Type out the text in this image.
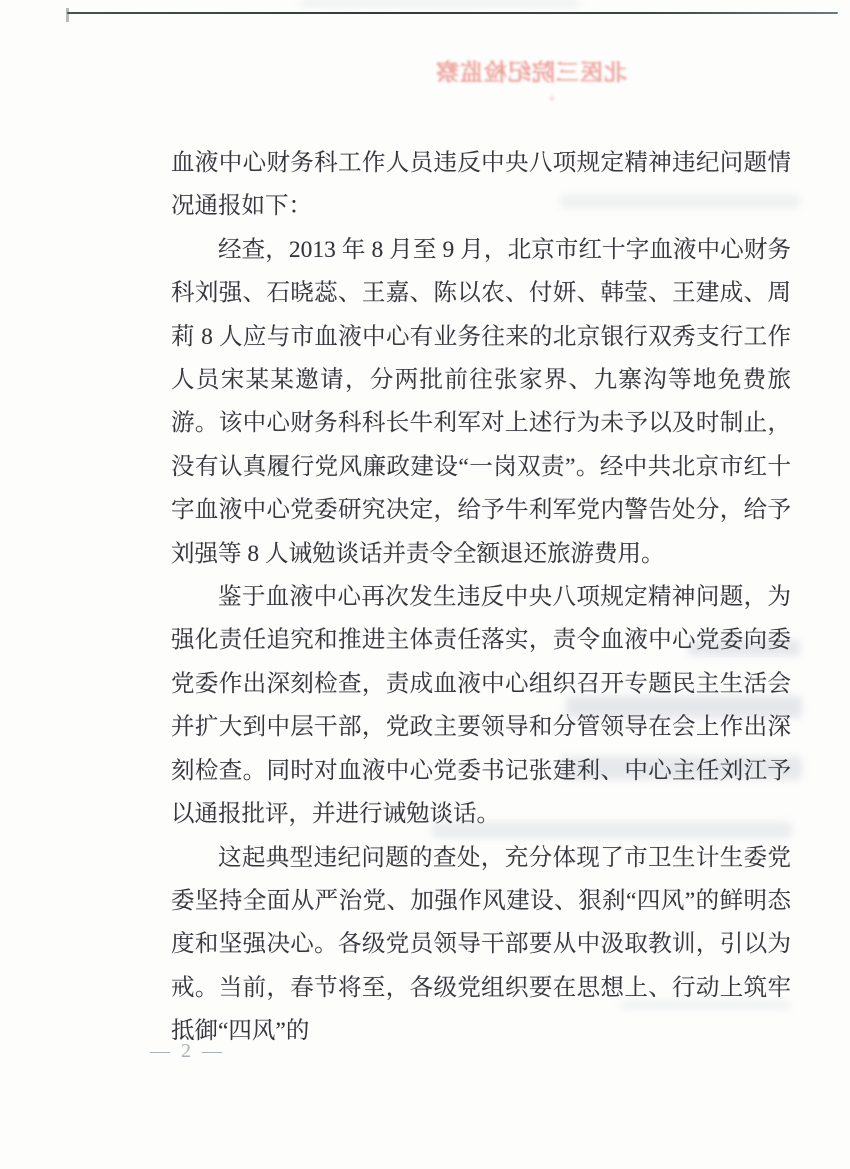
北医三院纪检监察
+

血液中心财务科工作人员违反中央八项规定精神违纪问题情况通报如下：

经查，2013 年 8 月至 9 月，北京市红十字血液中心财务科刘强、石晓蕊、王嘉、陈以农、付妍、韩莹、王建成、周莉 8 人应与市血液中心有业务往来的北京银行双秀支行工作人员宋某某邀请，分两批前往张家界、九寨沟等地免费旅游。该中心财务科科长牛利军对上述行为未予以及时制止，没有认真履行党风廉政建设“一岗双责”。经中共北京市红十字血液中心党委研究决定，给予牛利军党内警告处分，给予刘强等 8 人诫勉谈话并责令全额退还旅游费用。

鉴于血液中心再次发生违反中央八项规定精神问题，为强化责任追究和推进主体责任落实，责令血液中心党委向委党委作出深刻检查，责成血液中心组织召开专题民主生活会并扩大到中层干部，党政主要领导和分管领导在会上作出深刻检查。同时对血液中心党委书记张建利、中心主任刘江予以通报批评，并进行诫勉谈话。

这起典型违纪问题的查处，充分体现了市卫生计生委党委坚持全面从严治党、加强作风建设、狠刹“四风”的鲜明态度和坚强决心。各级党员领导干部要从中汲取教训，引以为戒。当前，春节将至，各级党组织要在思想上、行动上筑牢抵御“四风”的

— 2 —
